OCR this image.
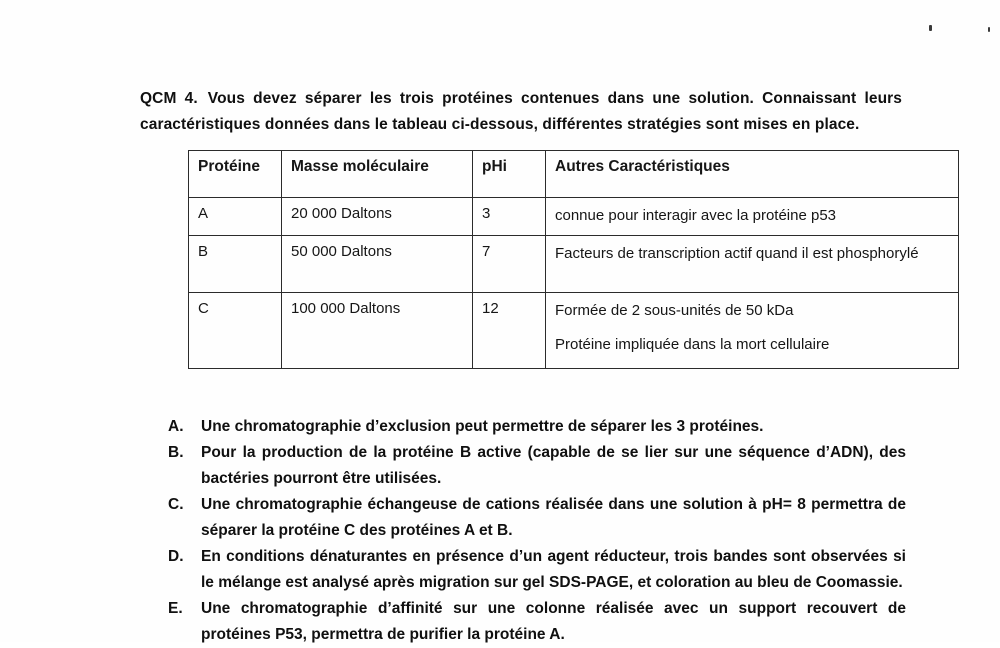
QCM 4. Vous devez séparer les trois protéines contenues dans une solution. Connaissant leurs caractéristiques données dans le tableau ci-dessous, différentes stratégies sont mises en place.

Protéine	Masse moléculaire	pHi	Autres Caractéristiques
A	20 000 Daltons	3	connue pour interagir avec la protéine p53

B	50 000 Daltons	7	Facteurs de transcription actif quand il est phosphorylé

C	100 000 Daltons	12	Formée de 2 sous-unités de 50 kDa
Protéine impliquée dans la mort cellulaire
A.	Une chromatographie d’exclusion peut permettre de séparer les 3 protéines.
B.	Pour la production de la protéine B active (capable de se lier sur une séquence d’ADN), des bactéries pourront être utilisées.
C.	Une chromatographie échangeuse de cations réalisée dans une solution à pH= 8 permettra de séparer la protéine C des protéines A et B.
D.	En conditions dénaturantes en présence d’un agent réducteur, trois bandes sont observées si le mélange est analysé après migration sur gel SDS-PAGE, et coloration au bleu de Coomassie.
E.	Une chromatographie d’affinité sur une colonne réalisée avec un support recouvert de protéines P53, permettra de purifier la protéine A.
